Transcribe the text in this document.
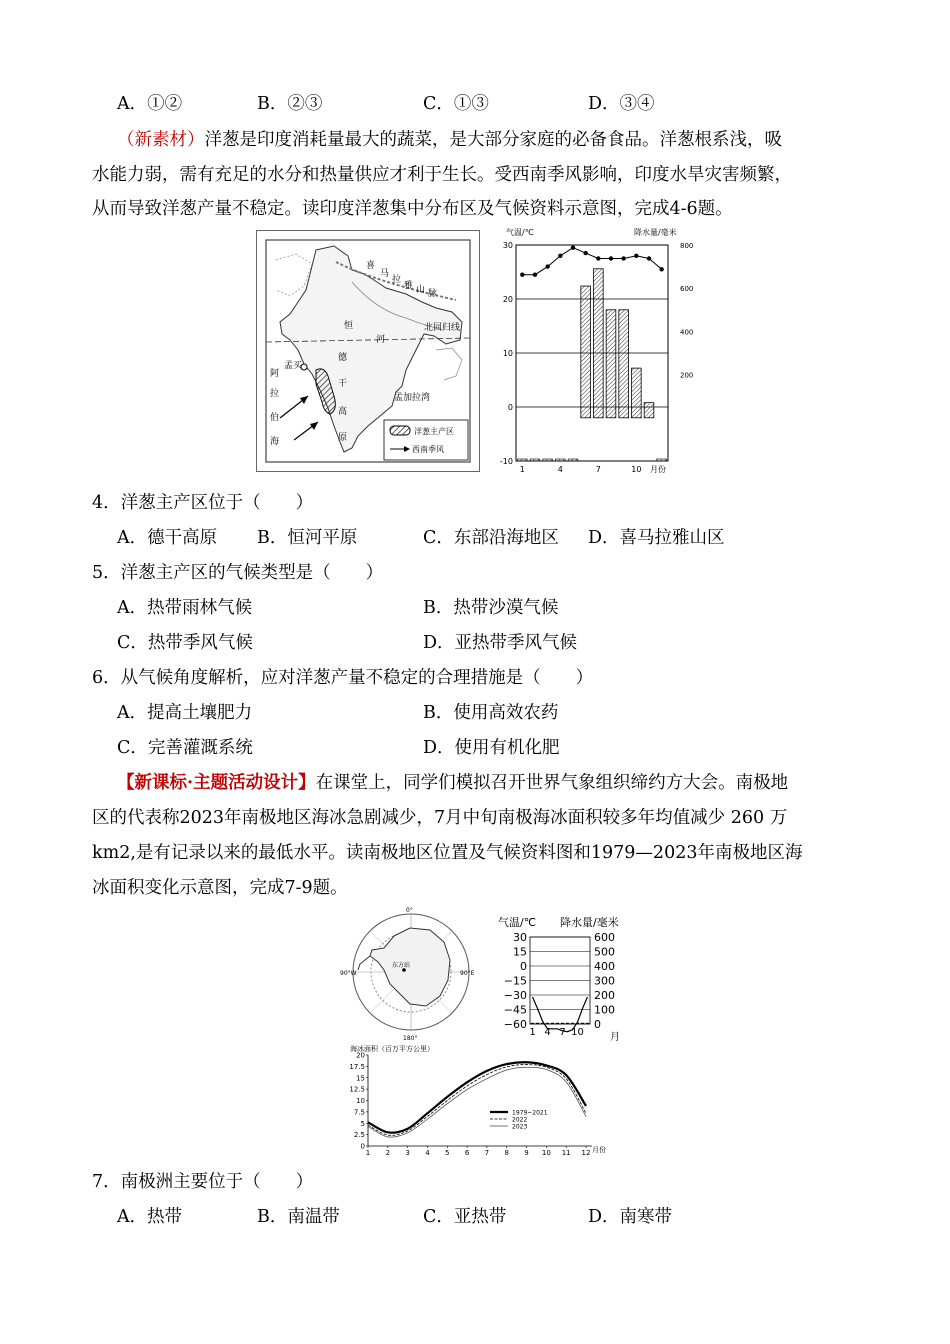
A．①②	B．②③	C．①③	D．③④
（新素材）洋葱是印度消耗量最大的蔬菜，是大部分家庭的必备食品。洋葱根系浅，吸
水能力弱，需有充足的水分和热量供应才利于生长。受西南季风影响，印度水旱灾害频繁，
从而导致洋葱产量不稳定。读印度洋葱集中分布区及气候资料示意图，完成4-6题。
喜
马
拉
雅 山 脉
北回归线
恒
河
孟买
德
干
高
原
阿
拉
伯
海
孟加拉湾
洋葱主产区
西南季风
气温/℃	降水量/毫米
月份
30
20
10
0
-10
800
600
400
200
1	4	7	10
4．洋葱主产区位于（　　）
A．德干高原 B．恒河平原	C．东部沿海地区 D．喜马拉雅山区
5．洋葱主产区的气候类型是（　　）
A．热带雨林气候	B．热带沙漠气候
C．热带季风气候	D．亚热带季风气候
6．从气候角度解析，应对洋葱产量不稳定的合理措施是（　　）
A．提高土壤肥力	B．使用高效农药
C．完善灌溉系统	D．使用有机化肥
【新课标·主题活动设计】在课堂上，同学们模拟召开世界气象组织缔约方大会。南极地
区的代表称2023年南极地区海冰急剧减少，7月中旬南极海冰面积较多年均值减少 260 万
km2,是有记录以来的最低水平。读南极地区位置及气候资料图和1979—2023年南极地区海
冰面积变化示意图，完成7-9题。
0°
90°W	90°E
180°
东方站
气温/℃ 降水量/毫米
月
30
15
0
−15
−30
−45
−60
600
500
400
300
200
100
0
1 4 7 10
海冰面积（百万平方公里）
月份
20
17.5
15
12.5
10
7.5
5
2.5
0
1 2 3 4 5 6 7 8 9 10 11 12
1979~2021
2022
2023
7．南极洲主要位于（　　）
A．热带	B．南温带	C．亚热带	D．南寒带
